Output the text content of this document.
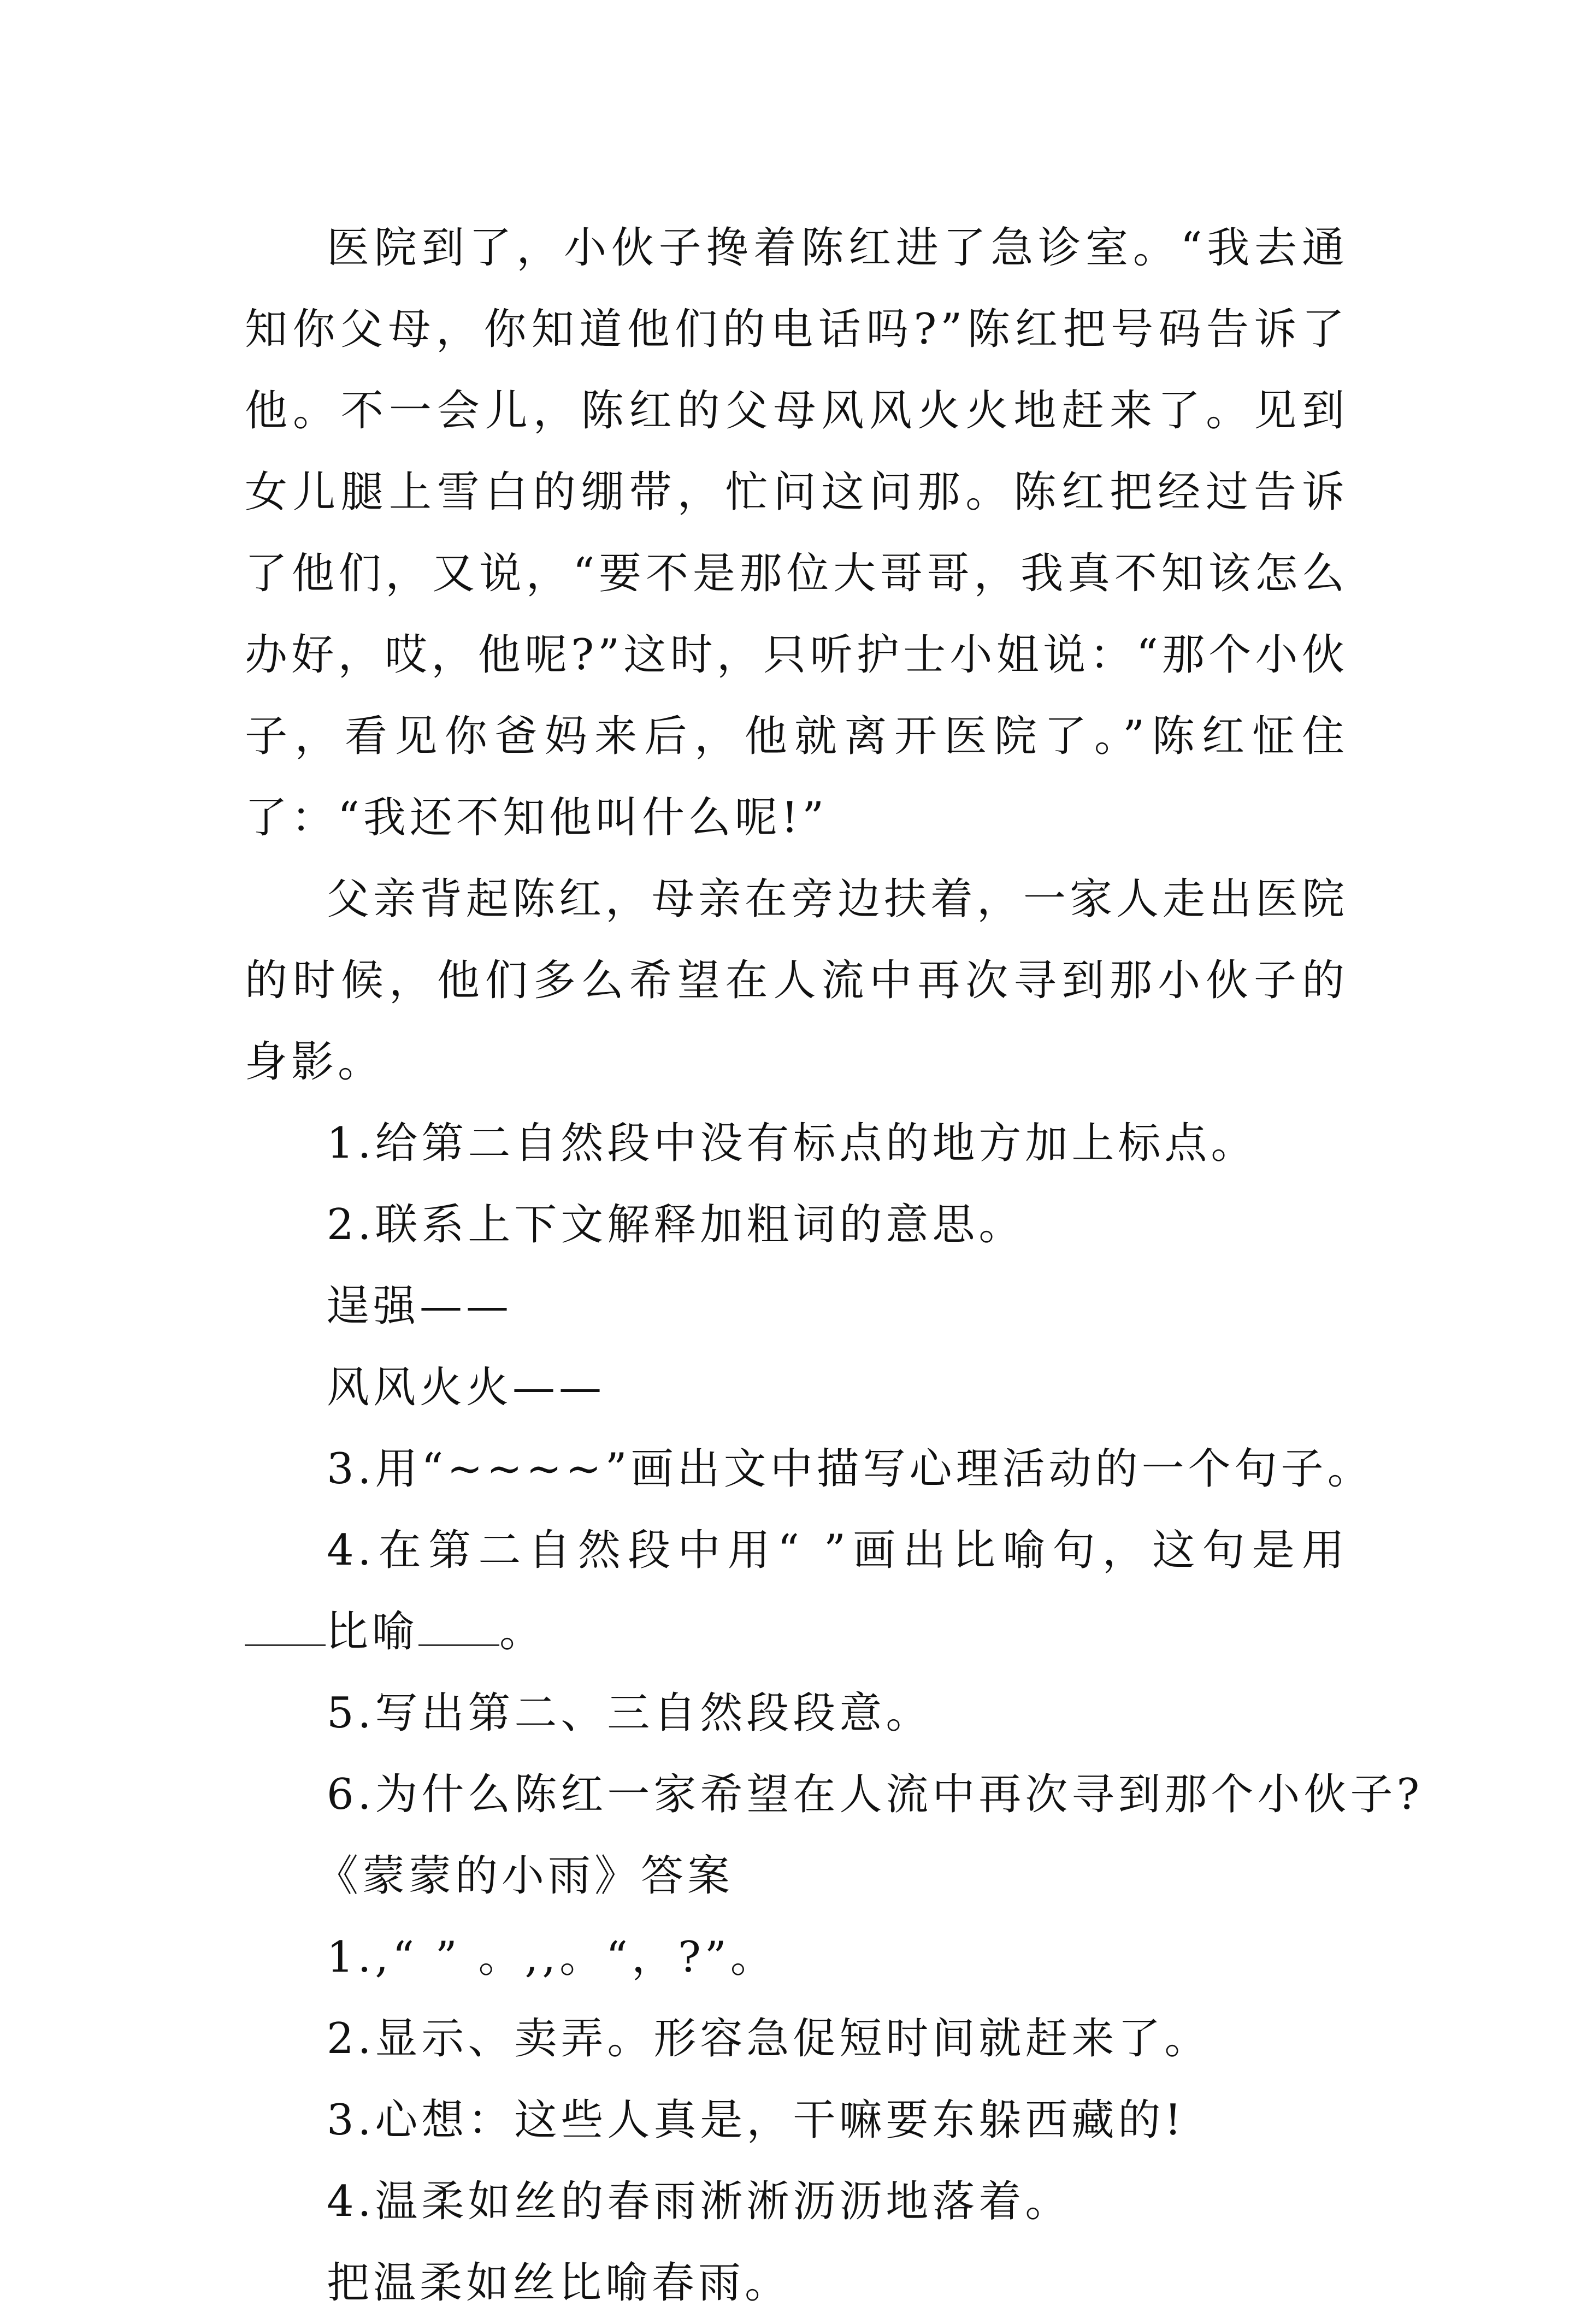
医院到了，小伙子搀着陈红进了急诊室。“我去通知你父母，你知道他们的电话吗?”陈红把号码告诉了他。不一会儿，陈红的父母风风火火地赶来了。见到女儿腿上雪白的绷带，忙问这问那。陈红把经过告诉了他们，又说，“要不是那位大哥哥，我真不知该怎么办好，哎，他呢?”这时，只听护士小姐说：“那个小伙子，看见你爸妈来后，他就离开医院了。”陈红怔住了：“我还不知他叫什么呢!”

父亲背起陈红，母亲在旁边扶着，一家人走出医院的时候，他们多么希望在人流中再次寻到那小伙子的身影。

1.给第二自然段中没有标点的地方加上标点。

2.联系上下文解释加粗词的意思。

逞强——

风风火火——

3.用“~~~~”画出文中描写心理活动的一个句子。

4.在第二自然段中用“ ”画出比喻句，这句是用比喻 。

5.写出第二、三自然段段意。

6.为什么陈红一家希望在人流中再次寻到那个小伙子?

《蒙蒙的小雨》答案

1.,“ ” 。,,。“，?”。

2.显示、卖弄。形容急促短时间就赶来了。

3.心想：这些人真是，干嘛要东躲西藏的!

4.温柔如丝的春雨淅淅沥沥地落着。

把温柔如丝比喻春雨。
